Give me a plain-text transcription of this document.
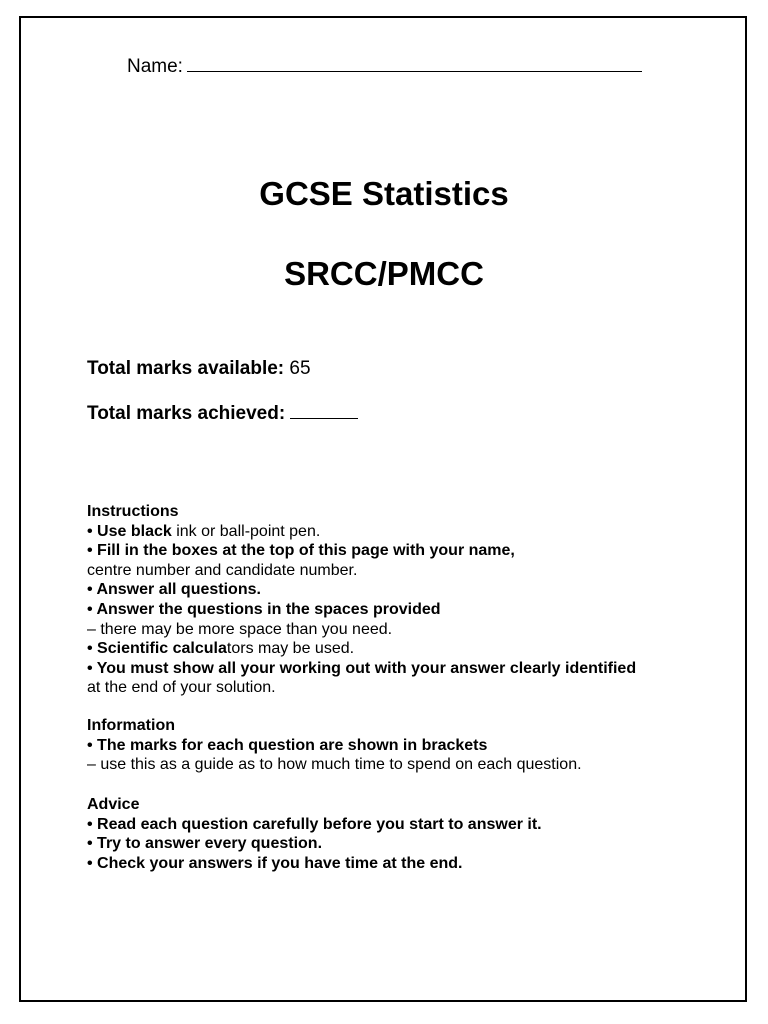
Name:
GCSE Statistics
SRCC/PMCC
Total marks available: 65
Total marks achieved:
Instructions
• Use black ink or ball-point pen.
• Fill in the boxes at the top of this page with your name,
centre number and candidate number.
• Answer all questions.
• Answer the questions in the spaces provided
– there may be more space than you need.
• Scientific calculators may be used.
• You must show all your working out with your answer clearly identified
at the end of your solution.
Information
• The marks for each question are shown in brackets
– use this as a guide as to how much time to spend on each question.
Advice
• Read each question carefully before you start to answer it.
• Try to answer every question.
• Check your answers if you have time at the end.
